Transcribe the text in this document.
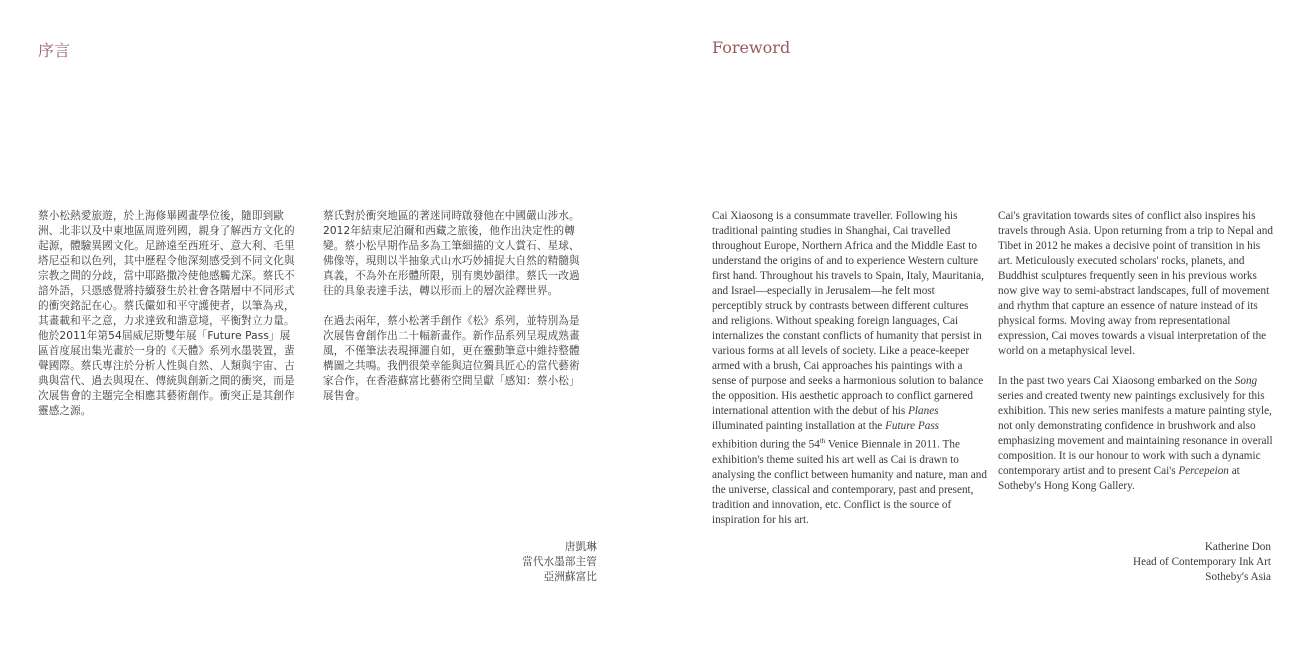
序言

蔡小松熱愛旅遊，於上海修畢國畫學位後，隨即到歐洲、北非以及中東地區周遊列國，親身了解西方文化的起源，體驗異國文化。足跡遠至西班牙、意大利、毛里塔尼亞和以色列，其中歷程令他深刻感受到不同文化與宗教之間的分歧，當中耶路撒冷使他感觸尤深。蔡氏不諳外語，只憑感覺將持續發生於社會各階層中不同形式的衝突銘記在心。蔡氏儼如和平守護使者，以筆為戎，其畫載和平之意，力求達致和諧意境，平衡對立力量。他於2011年第54屆威尼斯雙年展「Future Pass」展區首度展出集光畫於一身的《天體》系列水墨裝置，蜚聲國際。蔡氏專注於分析人性與自然、人類與宇宙、古典與當代、過去與現在、傳統與創新之間的衝突，而是次展售會的主題完全相應其藝術創作。衝突正是其創作靈感之源。

蔡氏對於衝突地區的著迷同時啟發他在中國嚴山涉水。2012年結束尼泊爾和西藏之旅後，他作出決定性的轉變。蔡小松早期作品多為工筆細描的文人賞石、星球、佛像等，現則以半抽象式山水巧妙捕捉大自然的精髓與真義，不為外在形體所限，別有奧妙韻律。蔡氏一改過往的具象表達手法，轉以形而上的層次詮釋世界。

在過去兩年，蔡小松著手創作《松》系列，並特別為是次展售會創作出二十幅新畫作。新作品系列呈現成熟畫風，不僅筆法表現揮灑自如，更在靈動筆意中維持整體構圖之共鳴。我們很榮幸能與這位獨具匠心的當代藝術家合作，在香港蘇富比藝術空間呈獻「感知：蔡小松」展售會。

唐凱琳
當代水墨部主管
亞洲蘇富比
Foreword

Cai Xiaosong is a consummate traveller. Following his traditional painting studies in Shanghai, Cai travelled throughout Europe, Northern Africa and the Middle East to understand the origins of and to experience Western culture first hand. Throughout his travels to Spain, Italy, Mauritania, and Israel—especially in Jerusalem—he felt most perceptibly struck by contrasts between different cultures and religions. Without speaking foreign languages, Cai internalizes the constant conflicts of humanity that persist in various forms at all levels of society. Like a peace-keeper armed with a brush, Cai approaches his paintings with a sense of purpose and seeks a harmonious solution to balance the opposition. His aesthetic approach to conflict garnered international attention with the debut of his Planes illuminated painting installation at the Future Pass exhibition during the 54th Venice Biennale in 2011. The exhibition's theme suited his art well as Cai is drawn to analysing the conflict between humanity and nature, man and the universe, classical and contemporary, past and present, tradition and innovation, etc. Conflict is the source of inspiration for his art.

Cai's gravitation towards sites of conflict also inspires his travels through Asia. Upon returning from a trip to Nepal and Tibet in 2012 he makes a decisive point of transition in his art. Meticulously executed scholars' rocks, planets, and Buddhist sculptures frequently seen in his previous works now give way to semi-abstract landscapes, full of movement and rhythm that capture an essence of nature instead of its physical forms. Moving away from representational expression, Cai moves towards a visual interpretation of the world on a metaphysical level.

In the past two years Cai Xiaosong embarked on the Song series and created twenty new paintings exclusively for this exhibition. This new series manifests a mature painting style, not only demonstrating confidence in brushwork and also emphasizing movement and maintaining resonance in overall composition. It is our honour to work with such a dynamic contemporary artist and to present Cai's Percepeion at Sotheby's Hong Kong Gallery.

Katherine Don
Head of Contemporary Ink Art
Sotheby's Asia
